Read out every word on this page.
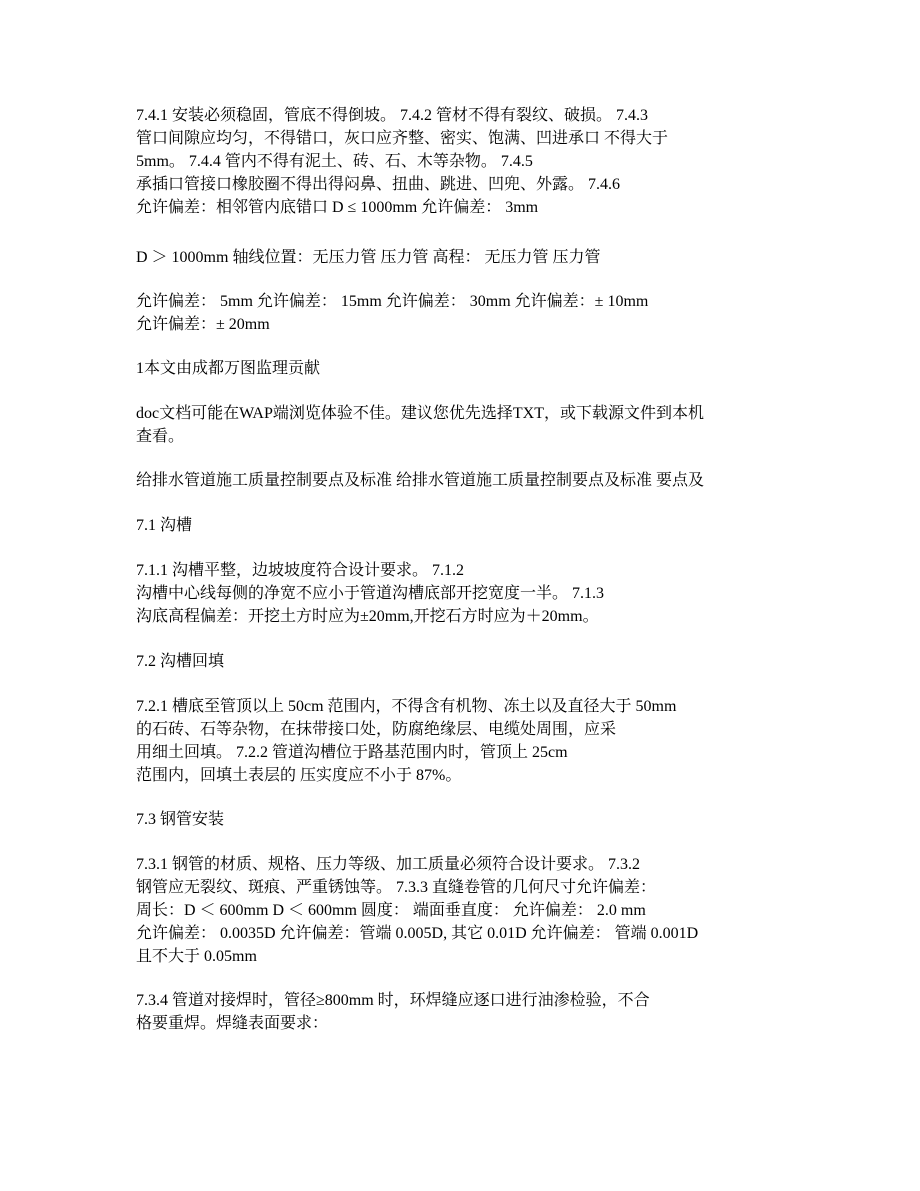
7.4.1 安装必须稳固，管底不得倒坡。 7.4.2 管材不得有裂纹、破损。 7.4.3
管口间隙应均匀，不得错口，灰口应齐整、密实、饱满、凹进承口 不得大于
5mm。 7.4.4 管内不得有泥土、砖、石、木等杂物。 7.4.5
承插口管接口橡胶圈不得出得闷鼻、扭曲、跳进、凹兜、外露。 7.4.6
允许偏差：相邻管内底错口 D ≤ 1000mm 允许偏差： 3mm
D ＞ 1000mm 轴线位置：无压力管 压力管 高程： 无压力管 压力管
允许偏差： 5mm 允许偏差： 15mm 允许偏差： 30mm 允许偏差：± 10mm
允许偏差：± 20mm
1本文由成都万图监理贡献
doc文档可能在WAP端浏览体验不佳。建议您优先选择TXT，或下载源文件到本机
查看。
给排水管道施工质量控制要点及标准 给排水管道施工质量控制要点及标准 要点及
7.1 沟槽
7.1.1 沟槽平整，边坡坡度符合设计要求。 7.1.2
沟槽中心线每侧的净宽不应小于管道沟槽底部开挖宽度一半。 7.1.3
沟底高程偏差：开挖土方时应为±20mm,开挖石方时应为＋20mm。
7.2 沟槽回填
7.2.1 槽底至管顶以上 50cm 范围内，不得含有机物、冻土以及直径大于 50mm
的石砖、石等杂物，在抹带接口处，防腐绝缘层、电缆处周围，应采
用细土回填。 7.2.2 管道沟槽位于路基范围内时，管顶上 25cm
范围内，回填土表层的 压实度应不小于 87%。
7.3 钢管安装
7.3.1 钢管的材质、规格、压力等级、加工质量必须符合设计要求。 7.3.2
钢管应无裂纹、斑痕、严重锈蚀等。 7.3.3 直缝卷管的几何尺寸允许偏差：
周长：D ＜ 600mm D ＜ 600mm 圆度： 端面垂直度： 允许偏差： 2.0 mm
允许偏差： 0.0035D 允许偏差：管端 0.005D, 其它 0.01D 允许偏差： 管端 0.001D
且不大于 0.05mm
7.3.4 管道对接焊时，管径≥800mm 时，环焊缝应逐口进行油渗检验，不合
格要重焊。焊缝表面要求：
